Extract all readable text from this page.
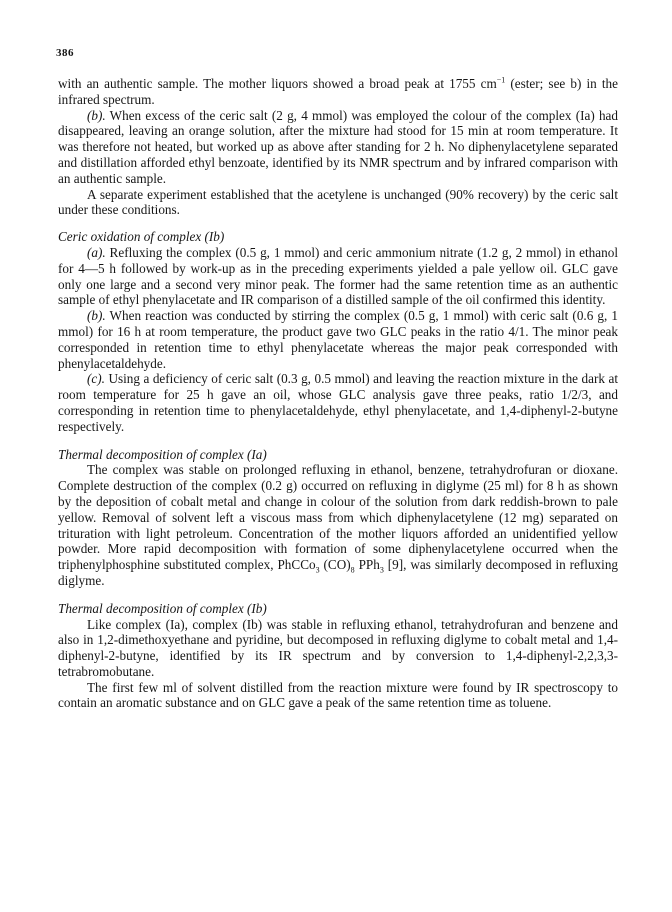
386

with an authentic sample. The mother liquors showed a broad peak at 1755 $cm^{-1}$ (ester; see b) in the infrared spectrum.

(b). When excess of the ceric salt (2 g, 4 mmol) was employed the colour of the complex (Ia) had disappeared, leaving an orange solution, after the mixture had stood for 15 min at room temperature. It was therefore not heated, but worked up as above after standing for 2 h. No diphenylacetylene separated and distillation afforded ethyl benzoate, identified by its NMR spectrum and by infrared comparison with an authentic sample.

A separate experiment established that the acetylene is unchanged (90% recovery) by the ceric salt under these conditions.

Ceric oxidation of complex (Ib)

(a). Refluxing the complex (0.5 g, 1 mmol) and ceric ammonium nitrate (1.2 g, 2 mmol) in ethanol for 4—5 h followed by work-up as in the preceding experiments yielded a pale yellow oil. GLC gave only one large and a second very minor peak. The former had the same retention time as an authentic sample of ethyl phenylacetate and IR comparison of a distilled sample of the oil confirmed this identity.

(b). When reaction was conducted by stirring the complex (0.5 g, 1 mmol) with ceric salt (0.6 g, 1 mmol) for 16 h at room temperature, the product gave two GLC peaks in the ratio 4/1. The minor peak corresponded in retention time to ethyl phenylacetate whereas the major peak corresponded with phenylacetaldehyde.

(c). Using a deficiency of ceric salt (0.3 g, 0.5 mmol) and leaving the reaction mixture in the dark at room temperature for 25 h gave an oil, whose GLC analysis gave three peaks, ratio 1/2/3, and corresponding in retention time to phenylacetaldehyde, ethyl phenylacetate, and 1,4-diphenyl-2-butyne respectively.

Thermal decomposition of complex (Ia)

The complex was stable on prolonged refluxing in ethanol, benzene, tetrahydrofuran or dioxane. Complete destruction of the complex (0.2 g) occurred on refluxing in diglyme (25 ml) for 8 h as shown by the deposition of cobalt metal and change in colour of the solution from dark reddish-brown to pale yellow. Removal of solvent left a viscous mass from which diphenylacetylene (12 mg) separated on trituration with light petroleum. Concentration of the mother liquors afforded an unidentified yellow powder. More rapid decomposition with formation of some diphenylacetylene occurred when the triphenylphosphine substituted complex, PhCCo$_3$ $(CO)_8$ PPh$_3$ [9], was similarly decomposed in refluxing diglyme.

Thermal decomposition of complex (Ib)

Like complex (Ia), complex (Ib) was stable in refluxing ethanol, tetrahydrofuran and benzene and also in 1,2-dimethoxyethane and pyridine, but decomposed in refluxing diglyme to cobalt metal and 1,4-diphenyl-2-butyne, identified by its IR spectrum and by conversion to 1,4-diphenyl-2,2,3,3-tetrabromobutane.

The first few ml of solvent distilled from the reaction mixture were found by IR spectroscopy to contain an aromatic substance and on GLC gave a peak of the same retention time as toluene.
